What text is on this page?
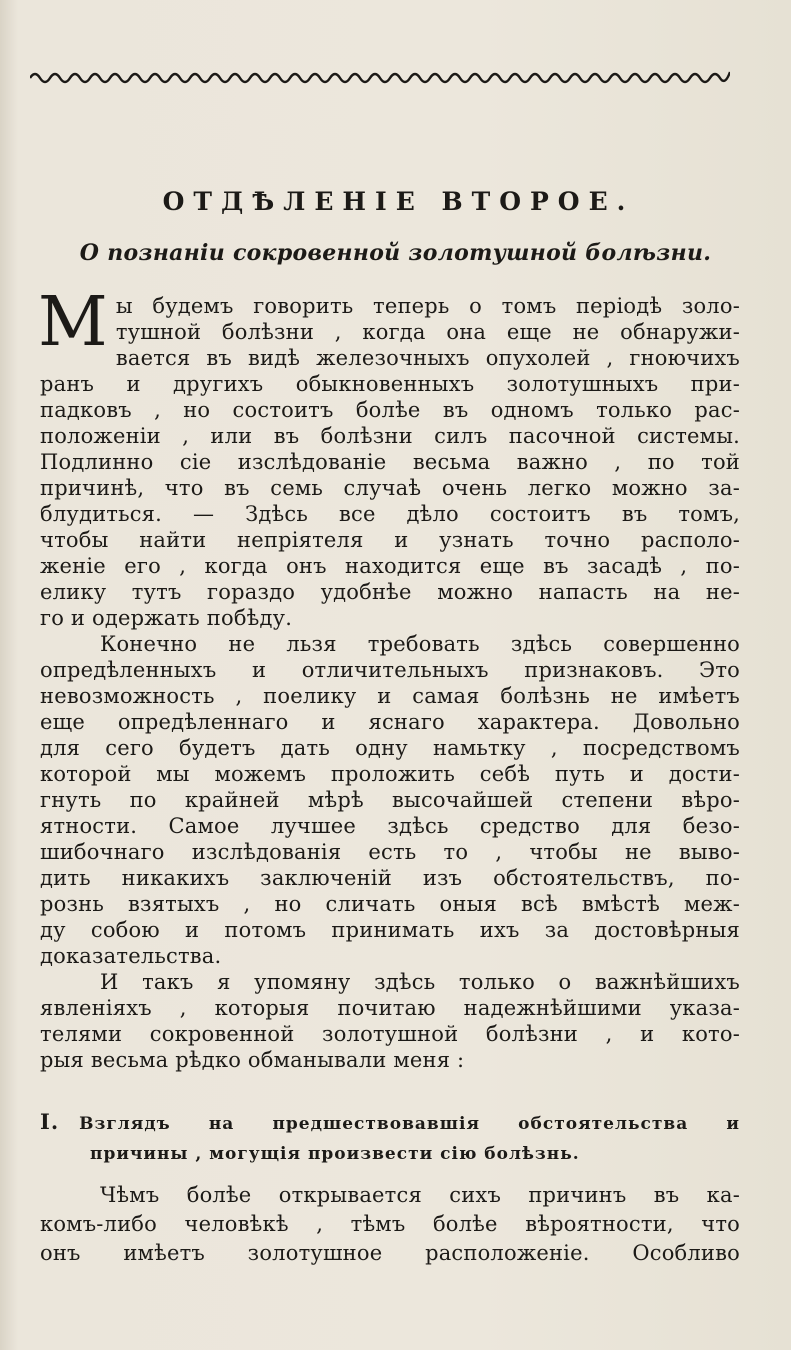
ОТДѢЛЕНІЕ ВТОРОЕ.
О познаніи сокровенной золотушной болѣзни.
М ы будемъ говорить теперь о томъ періодѣ золо-
тушной болѣзни , когда она еще не обнаружи-
вается въ видѣ железочныхъ опухолей , гноючихъ
ранъ и другихъ обыкновенныхъ золотушныхъ при-
падковъ , но состоитъ болѣе въ одномъ только рас-
положеніи , или въ болѣзни силъ пасочной системы.
Подлинно сіе изслѣдованіе весьма важно , по той
причинѣ, что въ семь случаѣ очень легко можно за-
блудиться. — Здѣсь все дѣло состоитъ въ томъ,
чтобы найти непріятеля и узнать точно располо-
женіе его , когда онъ находится еще въ засадѣ , по-
елику тутъ гораздо удобнѣе можно напасть на не-
го и одержать побѣду.
Конечно не льзя требовать здѣсь совершенно
опредѣленныхъ и отличительныхъ признаковъ. Это
невозможность , поелику и самая болѣзнь не имѣетъ
еще опредѣленнаго и яснаго характера. Довольно
для сего будетъ дать одну намьтку , посредствомъ
которой мы можемъ проложить себѣ путь и дости-
гнуть по крайней мѣрѣ высочайшей степени вѣро-
ятности. Самое лучшее здѣсь средство для безо-
шибочнаго изслѣдованія есть то , чтобы не выво-
дить никакихъ заключеній изъ обстоятельствъ, по-
рознь взятыхъ , но сличать оныя всѣ вмѣстѣ меж-
ду собою и потомъ принимать ихъ за достовѣрныя
доказательства.
И такъ я упомяну здѣсь только о важнѣйшихъ
явленіяхъ , которыя почитаю надежнѣйшими указа-
телями сокровенной золотушной болѣзни , и кото-
рыя весьма рѣдко обманывали меня :
I. Взглядъ на предшествовавшія обстоятельства и
причины , могущія произвести сію болѣзнь.
Чѣмъ болѣе открывается сихъ причинъ въ ка-
комъ-либо человѣкѣ , тѣмъ болѣе вѣроятности, что
онъ имѣетъ золотушное расположеніе. Особливо
